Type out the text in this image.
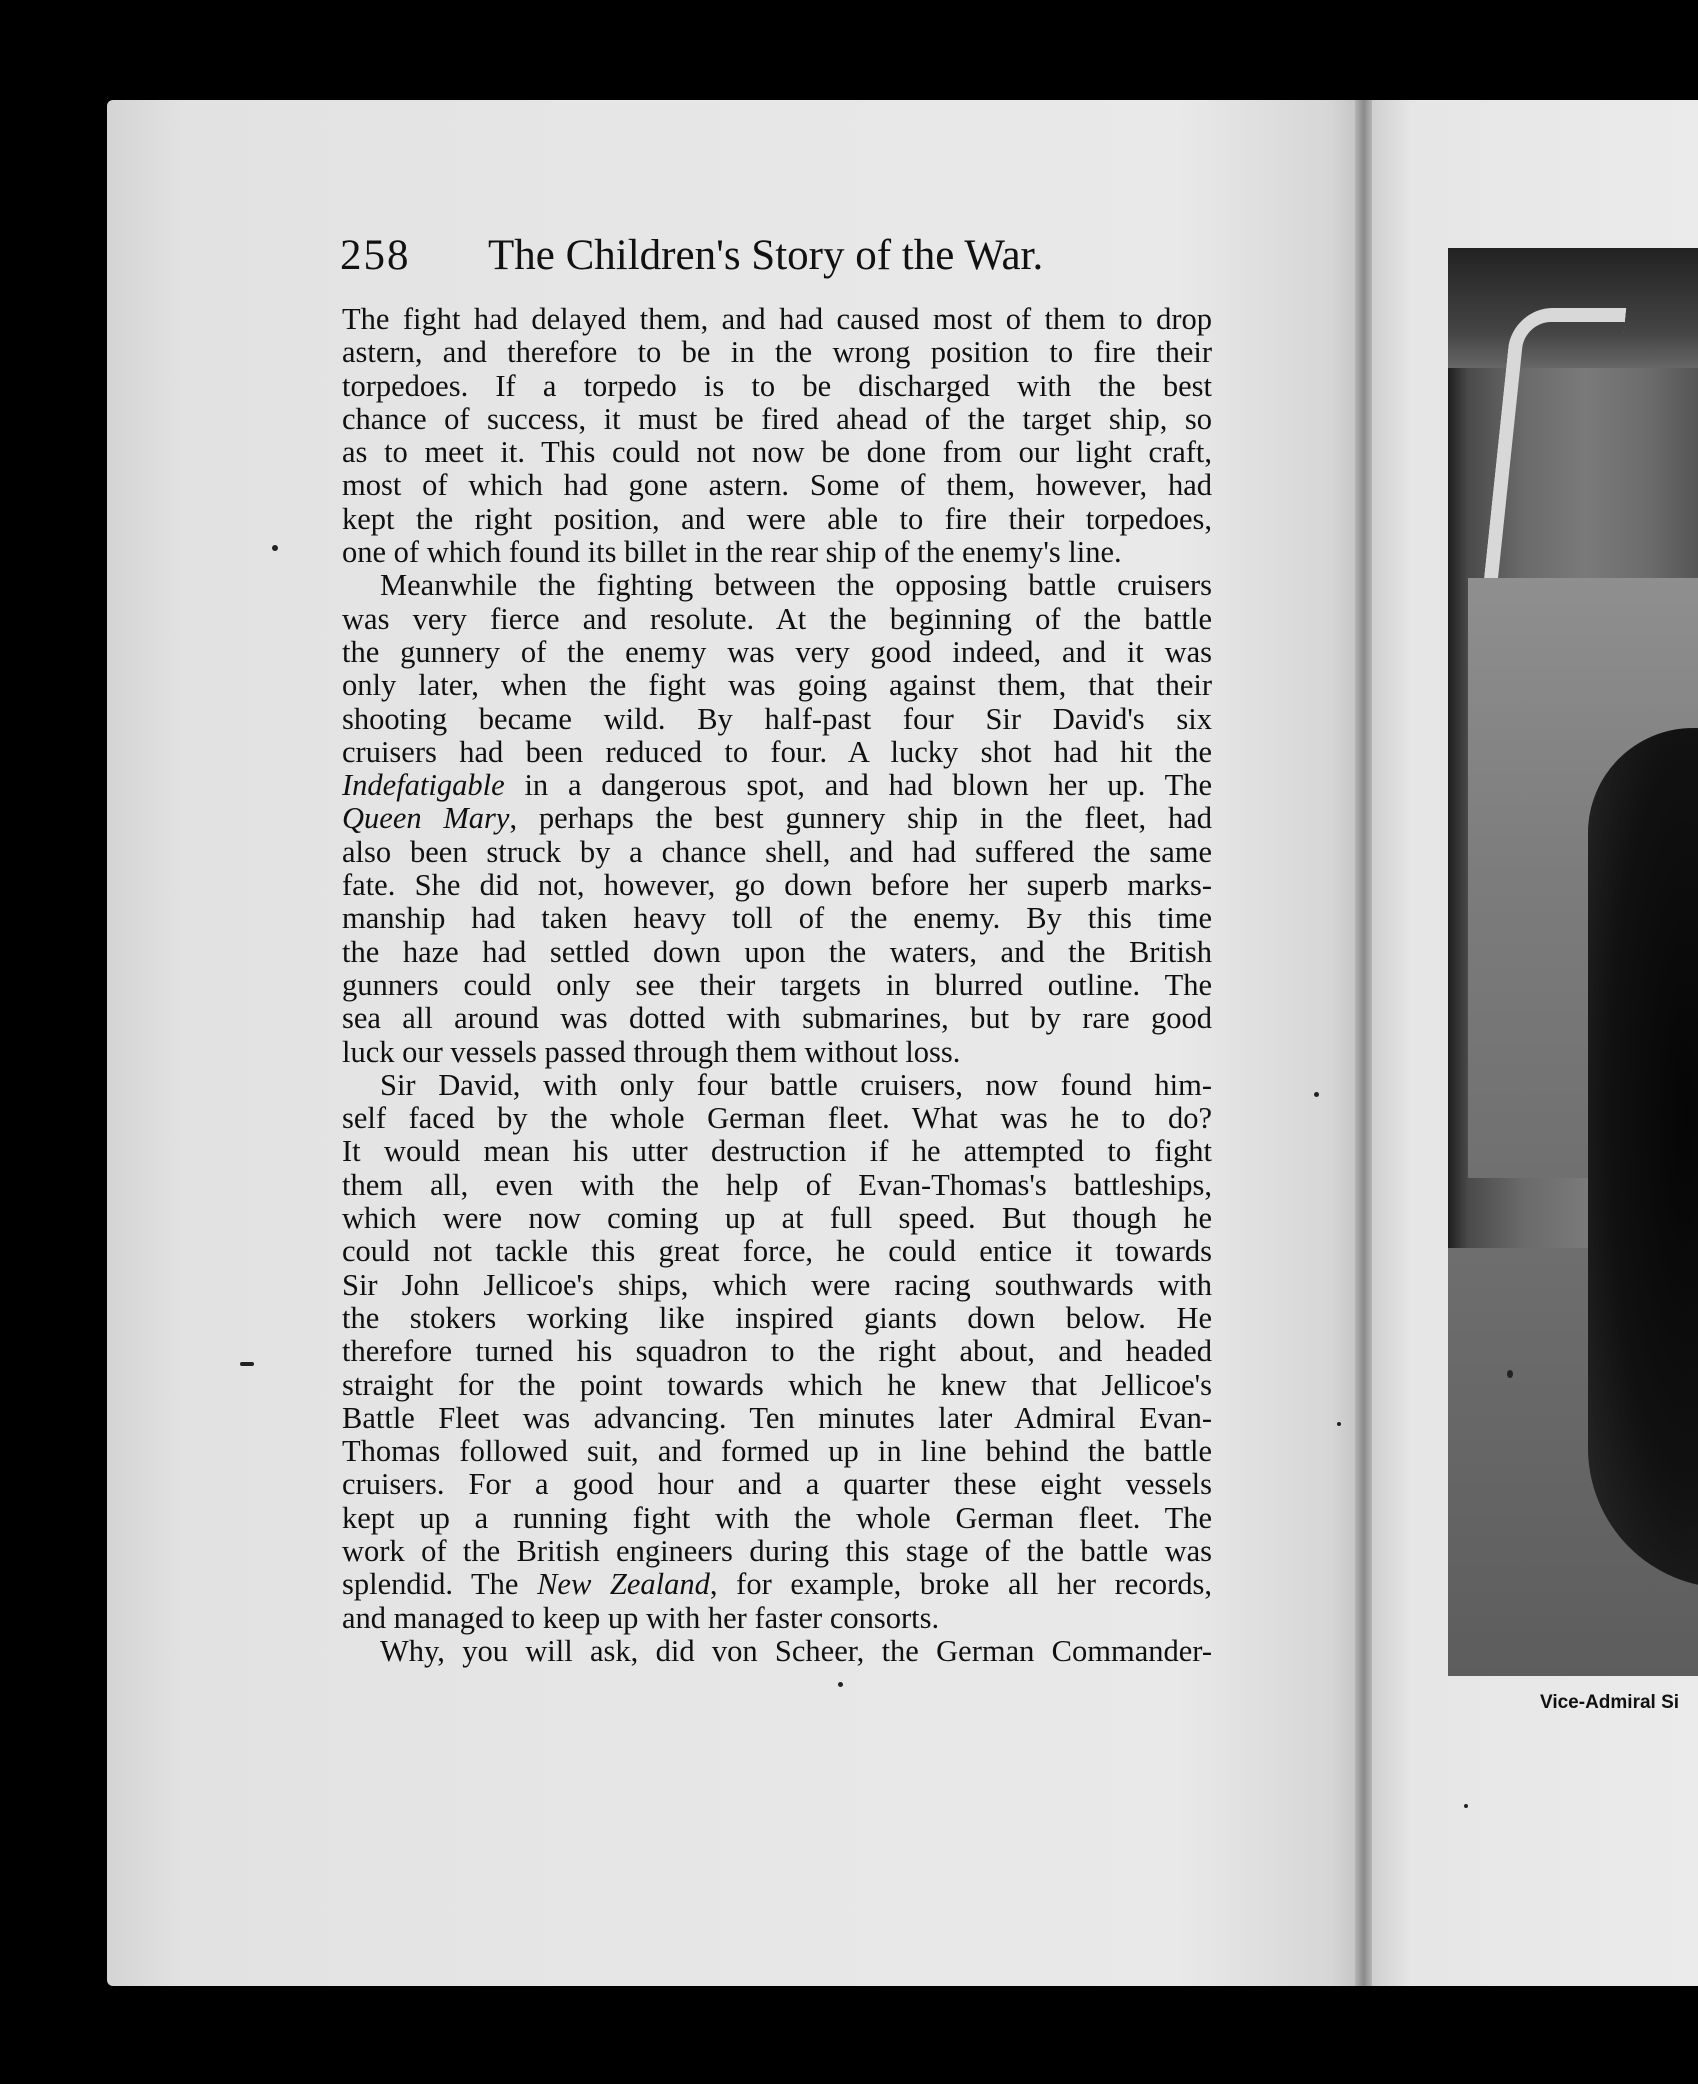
258 The Children's Story of the War.
The fight had delayed them, and had caused most of them to drop
astern, and therefore to be in the wrong position to fire their
torpedoes. If a torpedo is to be discharged with the best
chance of success, it must be fired ahead of the target ship, so
as to meet it. This could not now be done from our light craft,
most of which had gone astern. Some of them, however, had
kept the right position, and were able to fire their torpedoes,
one of which found its billet in the rear ship of the enemy's line.
Meanwhile the fighting between the opposing battle cruisers
was very fierce and resolute. At the beginning of the battle
the gunnery of the enemy was very good indeed, and it was
only later, when the fight was going against them, that their
shooting became wild. By half-past four Sir David's six
cruisers had been reduced to four. A lucky shot had hit the
Indefatigable in a dangerous spot, and had blown her up. The
Queen Mary, perhaps the best gunnery ship in the fleet, had
also been struck by a chance shell, and had suffered the same
fate. She did not, however, go down before her superb marks-
manship had taken heavy toll of the enemy. By this time
the haze had settled down upon the waters, and the British
gunners could only see their targets in blurred outline. The
sea all around was dotted with submarines, but by rare good
luck our vessels passed through them without loss.
Sir David, with only four battle cruisers, now found him-
self faced by the whole German fleet. What was he to do?
It would mean his utter destruction if he attempted to fight
them all, even with the help of Evan-Thomas's battleships,
which were now coming up at full speed. But though he
could not tackle this great force, he could entice it towards
Sir John Jellicoe's ships, which were racing southwards with
the stokers working like inspired giants down below. He
therefore turned his squadron to the right about, and headed
straight for the point towards which he knew that Jellicoe's
Battle Fleet was advancing. Ten minutes later Admiral Evan-
Thomas followed suit, and formed up in line behind the battle
cruisers. For a good hour and a quarter these eight vessels
kept up a running fight with the whole German fleet. The
work of the British engineers during this stage of the battle was
splendid. The New Zealand, for example, broke all her records,
and managed to keep up with her faster consorts.
Why, you will ask, did von Scheer, the German Commander-
Vice-Admiral Si
